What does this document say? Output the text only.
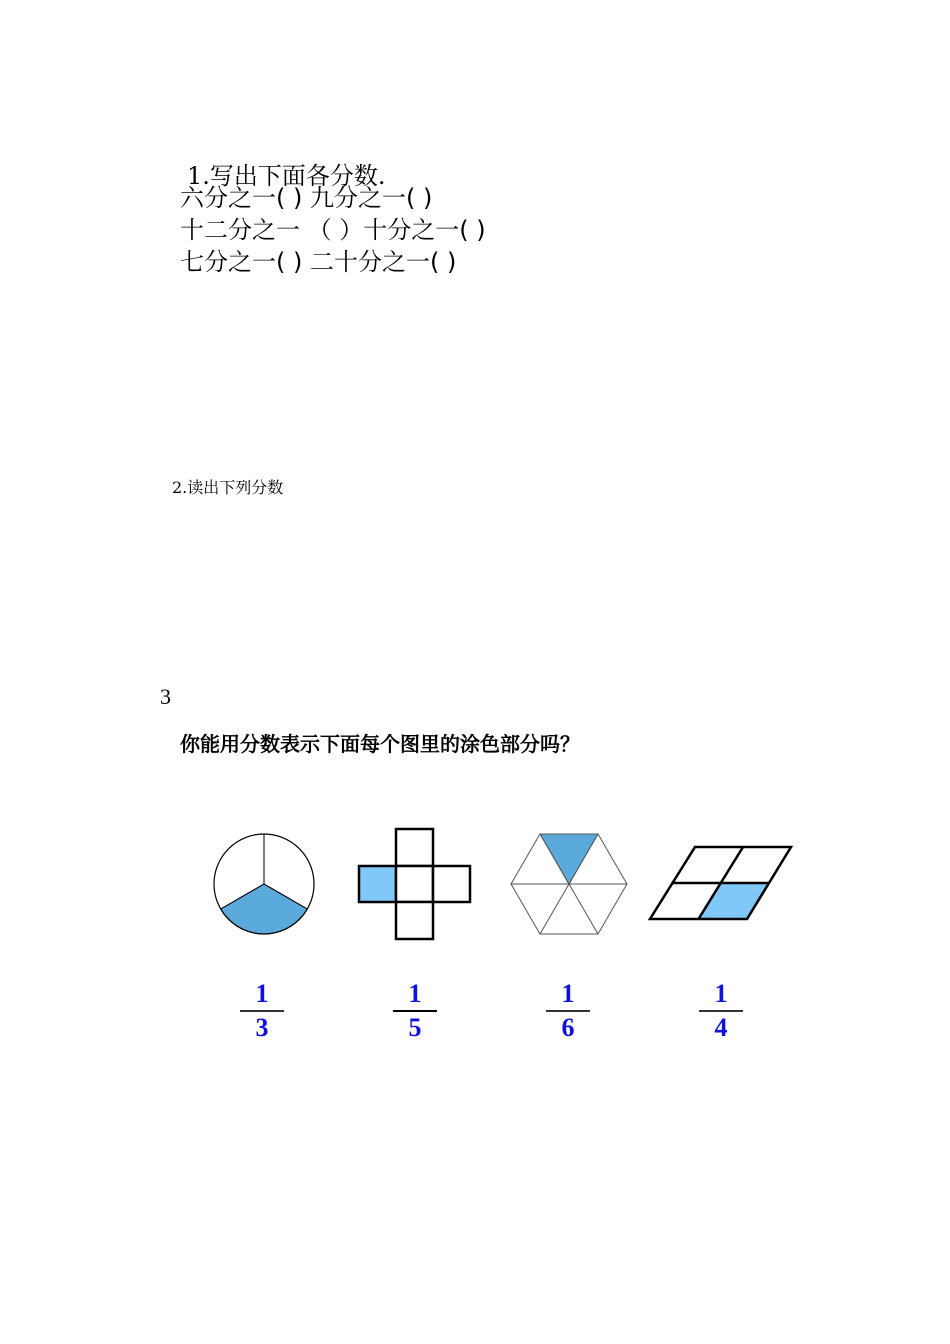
1.写出下面各分数.
六分之一( ) 九分之一( )
十二分之一 （ ）十分之一( )
七分之一( ) 二十分之一( )
2.读出下列分数
3
你能用分数表示下面每个图里的涂色部分吗？
1
3
1
5
1
6
1
4
